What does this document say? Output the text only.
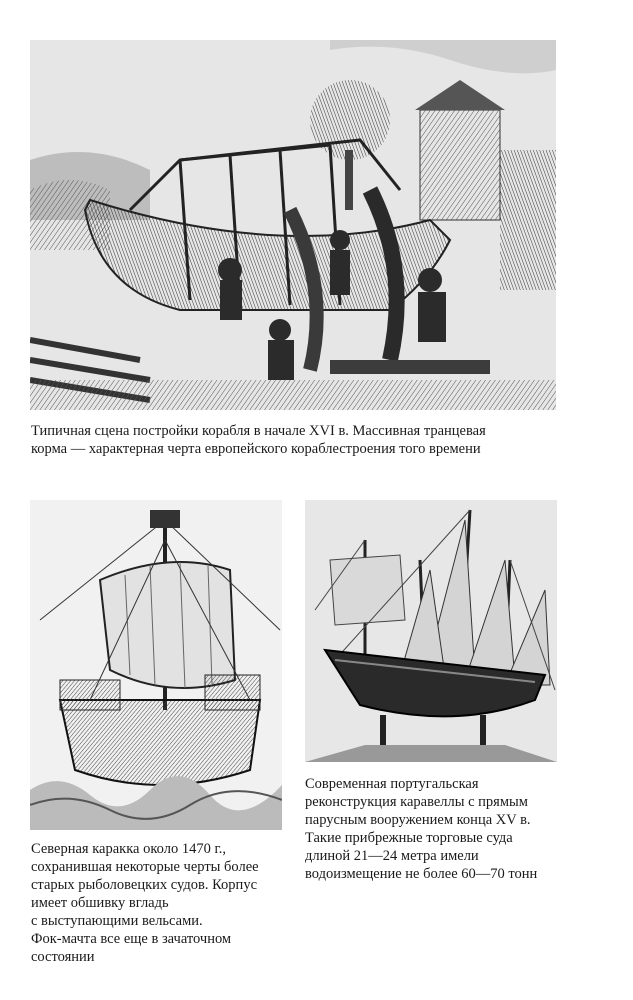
Типичная сцена постройки корабля в начале XVI в. Массивная транцевая
корма — характерная черта европейского кораблестроения того времени
Северная каракка около 1470 г.,
сохранившая некоторые черты более
старых рыболовецких судов. Корпус
имеет обшивку вгладь
с выступающими вельсами.
Фок-мачта все еще в зачаточном
состоянии
Современная португальская
реконструкция каравеллы с прямым
парусным вооружением конца XV в.
Такие прибрежные торговые суда
длиной 21—24 метра имели
водоизмещение не более 60—70 тонн
